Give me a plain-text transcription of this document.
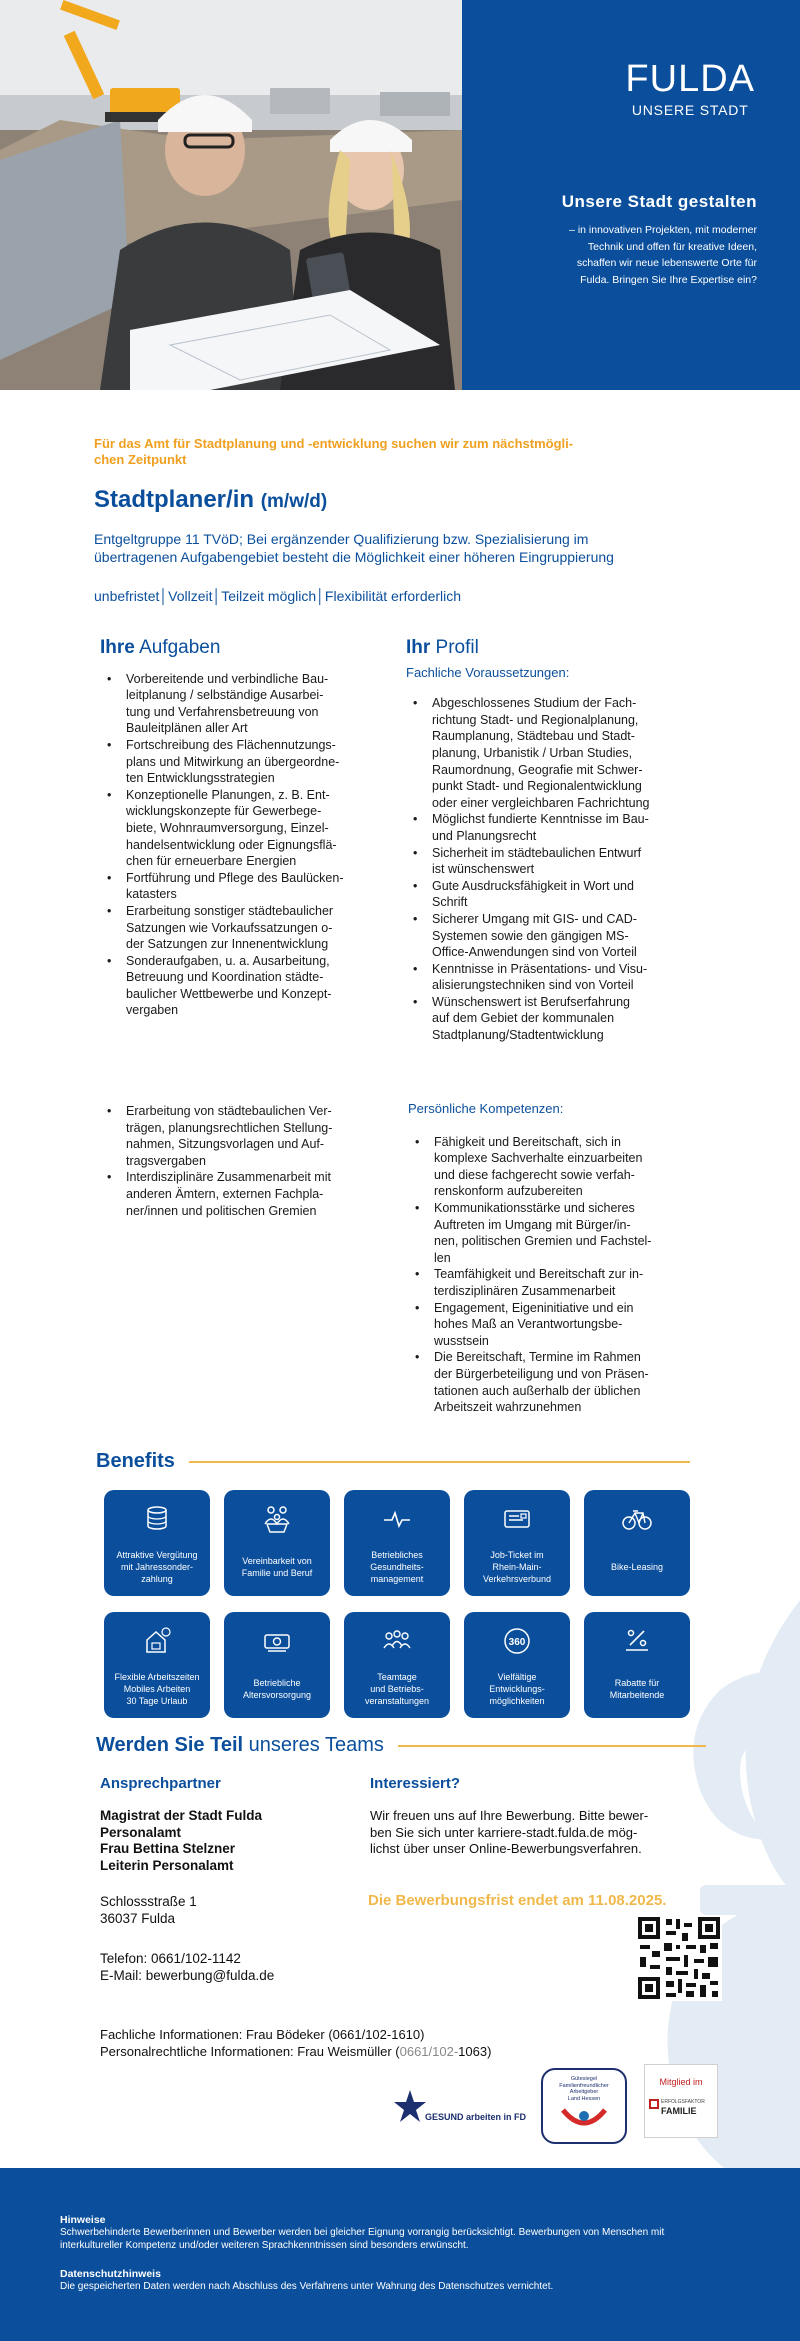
FULDA
UNSERE STADT
Unsere Stadt gestalten
– in innovativen Projekten, mit moderner
Technik und offen für kreative Ideen,
schaffen wir neue lebenswerte Orte für
Fulda. Bringen Sie Ihre Expertise ein?
Für das Amt für Stadtplanung und -entwicklung suchen wir zum nächstmögli-
chen Zeitpunkt
Stadtplaner/in (m/w/d)
Entgeltgruppe 11 TVöD; Bei ergänzender Qualifizierung bzw. Spezialisierung im
übertragenen Aufgabengebiet besteht die Möglichkeit einer höheren Eingruppierung
unbefristet│Vollzeit│Teilzeit möglich│Flexibilität erforderlich
Ihre Aufgaben
• Vorbereitende und verbindliche Bau-
leitplanung / selbständige Ausarbei-
tung und Verfahrensbetreuung von
Bauleitplänen aller Art
• Fortschreibung des Flächennutzungs-
plans und Mitwirkung an übergeordne-
ten Entwicklungsstrategien
• Konzeptionelle Planungen, z. B. Ent-
wicklungskonzepte für Gewerbege-
biete, Wohnraumversorgung, Einzel-
handelsentwicklung oder Eignungsflä-
chen für erneuerbare Energien
• Fortführung und Pflege des Baulücken-
katasters
• Erarbeitung sonstiger städtebaulicher
Satzungen wie Vorkaufssatzungen o-
der Satzungen zur Innenentwicklung
• Sonderaufgaben, u. a. Ausarbeitung,
Betreuung und Koordination städte-
baulicher Wettbewerbe und Konzept-
vergaben
• Erarbeitung von städtebaulichen Ver-
trägen, planungsrechtlichen Stellung-
nahmen, Sitzungsvorlagen und Auf-
tragsvergaben
• Interdisziplinäre Zusammenarbeit mit
anderen Ämtern, externen Fachpla-
ner/innen und politischen Gremien
Ihr Profil
Fachliche Voraussetzungen:
• Abgeschlossenes Studium der Fach-
richtung Stadt- und Regionalplanung,
Raumplanung, Städtebau und Stadt-
planung, Urbanistik / Urban Studies,
Raumordnung, Geografie mit Schwer-
punkt Stadt- und Regionalentwicklung
oder einer vergleichbaren Fachrichtung
• Möglichst fundierte Kenntnisse im Bau-
und Planungsrecht
• Sicherheit im städtebaulichen Entwurf
ist wünschenswert
• Gute Ausdrucksfähigkeit in Wort und
Schrift
• Sicherer Umgang mit GIS- und CAD-
Systemen sowie den gängigen MS-
Office-Anwendungen sind von Vorteil
• Kenntnisse in Präsentations- und Visu-
alisierungstechniken sind von Vorteil
• Wünschenswert ist Berufserfahrung
auf dem Gebiet der kommunalen
Stadtplanung/Stadtentwicklung
Persönliche Kompetenzen:
• Fähigkeit und Bereitschaft, sich in
komplexe Sachverhalte einzuarbeiten
und diese fachgerecht sowie verfah-
renskonform aufzubereiten
• Kommunikationsstärke und sicheres
Auftreten im Umgang mit Bürger/in-
nen, politischen Gremien und Fachstel-
len
• Teamfähigkeit und Bereitschaft zur in-
terdisziplinären Zusammenarbeit
• Engagement, Eigeninitiative und ein
hohes Maß an Verantwortungsbe-
wusstsein
• Die Bereitschaft, Termine im Rahmen
der Bürgerbeteiligung und von Präsen-
tationen auch außerhalb der üblichen
Arbeitszeit wahrzunehmen
Benefits
Attraktive Vergütung
mit Jahressonder-
zahlung
Vereinbarkeit von
Familie und Beruf
Betriebliches
Gesundheits-
management
Job-Ticket im
Rhein-Main-
Verkehrsverbund
Bike-Leasing
Flexible Arbeitszeiten
Mobiles Arbeiten
30 Tage Urlaub
Betriebliche
Altersvorsorgung
Teamtage
und Betriebs-
veranstaltungen
360
Vielfältige
Entwicklungs-
möglichkeiten
Rabatte für
Mitarbeitende
Werden Sie Teil unseres Teams
Ansprechpartner
Magistrat der Stadt Fulda
Personalamt
Frau Bettina Stelzner
Leiterin Personalamt
Schlossstraße 1
36037 Fulda
Telefon: 0661/102-1142
E-Mail: bewerbung@fulda.de
Interessiert?
Wir freuen uns auf Ihre Bewerbung. Bitte bewer-
ben Sie sich unter karriere-stadt.fulda.de mög-
lichst über unser Online-Bewerbungsverfahren.
Die Bewerbungsfrist endet am 11.08.2025.
Fachliche Informationen: Frau Bödeker (0661/102-1610)
Personalrechtliche Informationen: Frau Weismüller (0661/102-1063)
GESUND arbeiten in FD
Gütesiegel
Familienfreundlicher
Arbeitgeber
Land Hessen
Mitglied im
ERFOLGSFAKTOR
FAMILIE
Hinweise
Schwerbehinderte Bewerberinnen und Bewerber werden bei gleicher Eignung vorrangig berücksichtigt. Bewerbungen von Menschen mit
interkultureller Kompetenz und/oder weiteren Sprachkenntnissen sind besonders erwünscht.
Datenschutzhinweis
Die gespeicherten Daten werden nach Abschluss des Verfahrens unter Wahrung des Datenschutzes vernichtet.
